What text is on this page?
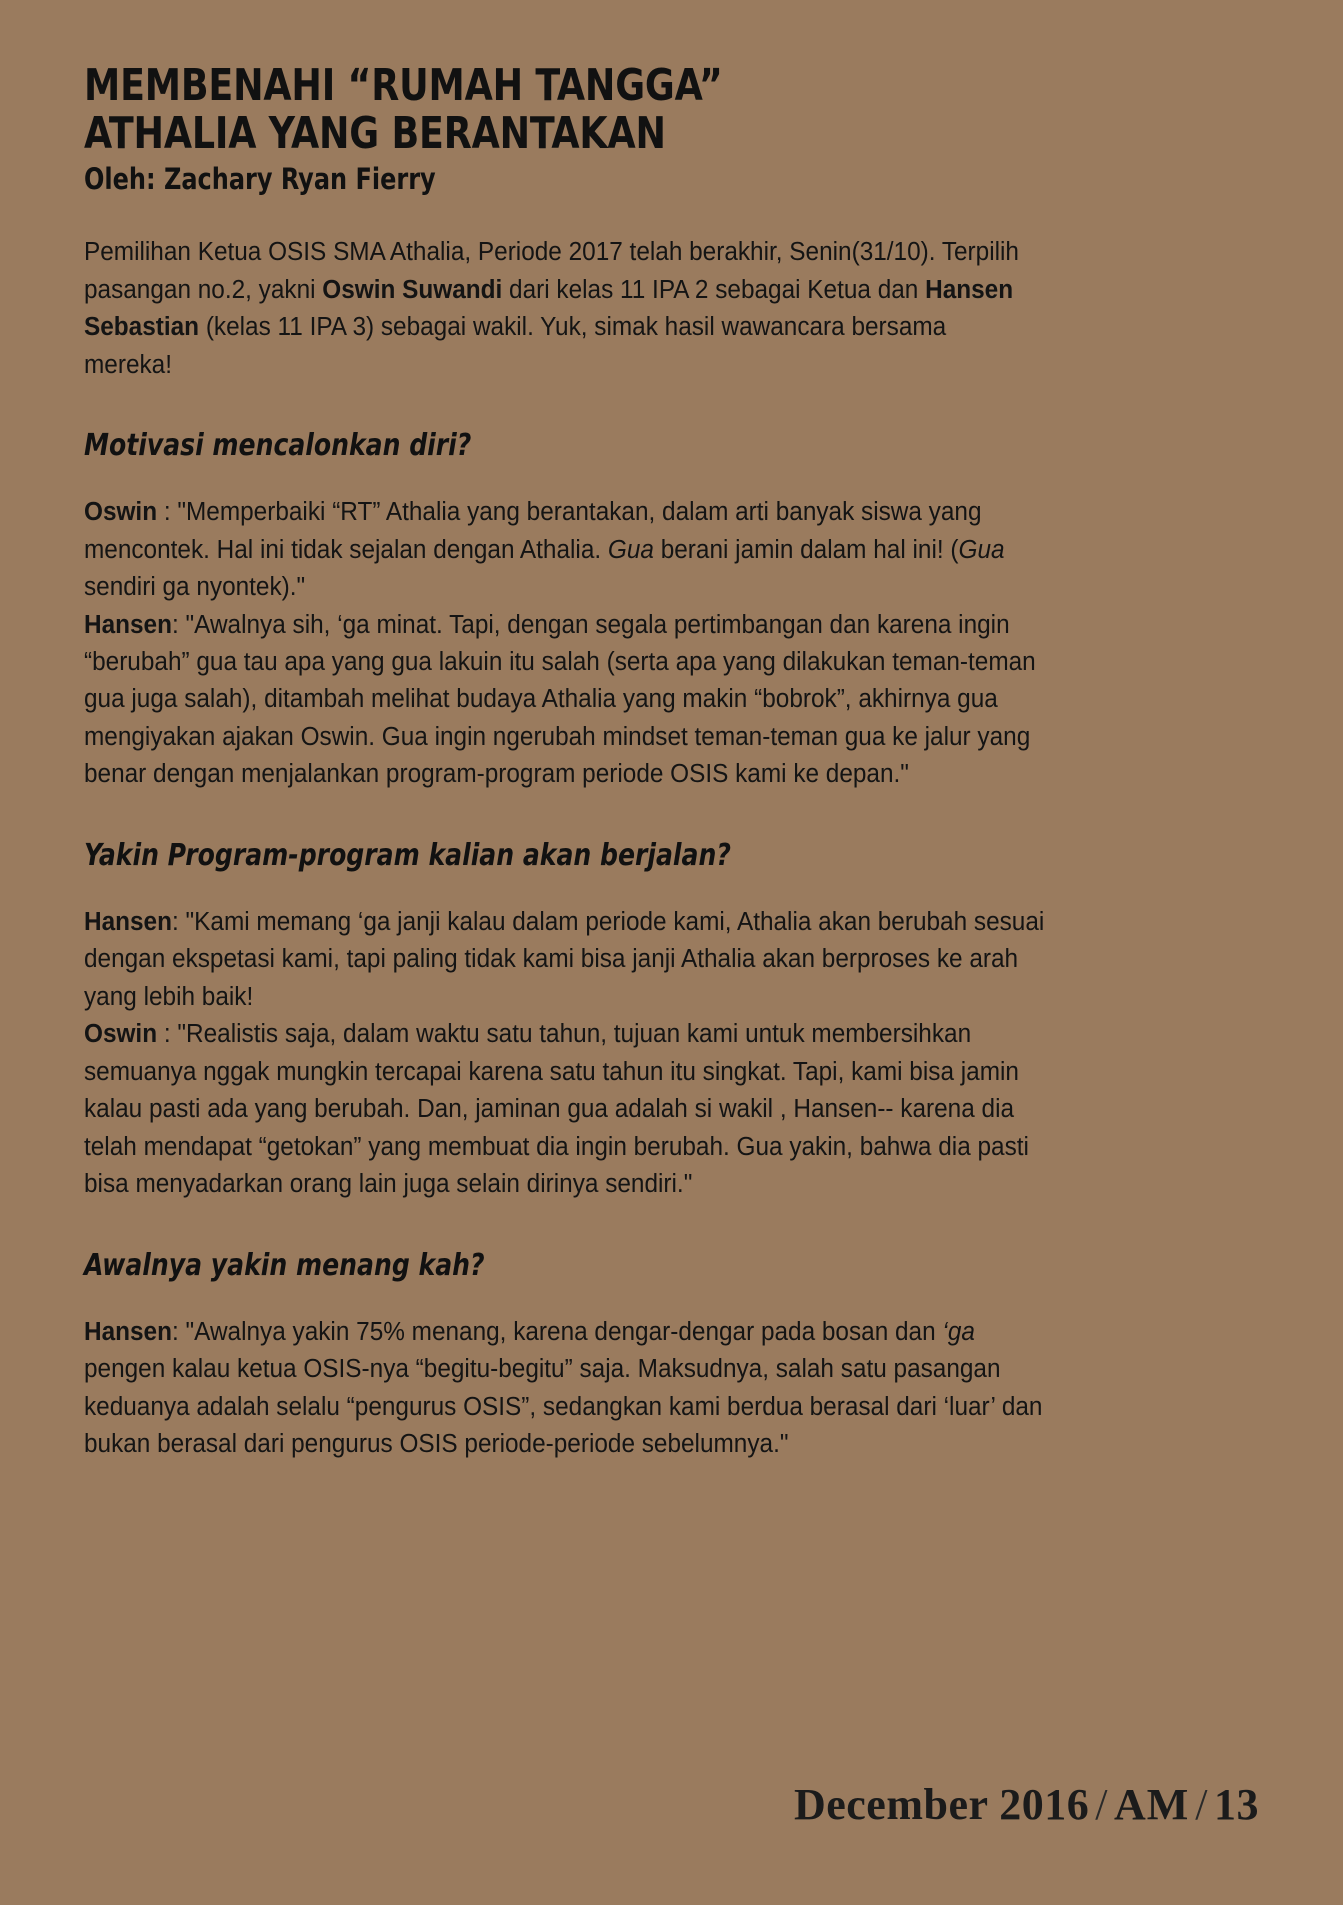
MEMBENAHI “RUMAH TANGGA” ATHALIA YANG BERANTAKAN
Oleh: Zachary Ryan Fierry

Pemilihan Ketua OSIS SMA Athalia, Periode 2017 telah berakhir, Senin(31/10). Terpilih pasangan no.2, yakni Oswin Suwandi dari kelas 11 IPA 2 sebagai Ketua dan Hansen Sebastian (kelas 11 IPA 3) sebagai wakil. Yuk, simak hasil wawancara bersama mereka!

Motivasi mencalonkan diri?

Oswin : "Memperbaiki “RT” Athalia yang berantakan, dalam arti banyak siswa yang mencontek. Hal ini tidak sejalan dengan Athalia. Gua berani jamin dalam hal ini! (Gua sendiri ga nyontek)."

Hansen: "Awalnya sih, ‘ga minat. Tapi, dengan segala pertimbangan dan karena ingin “berubah” gua tau apa yang gua lakuin itu salah (serta apa yang dilakukan teman-teman gua juga salah), ditambah melihat budaya Athalia yang makin “bobrok”, akhirnya gua mengiyakan ajakan Oswin. Gua ingin ngerubah mindset teman-teman gua ke jalur yang benar dengan menjalankan program-program periode OSIS kami ke depan."

Yakin Program-program kalian akan berjalan?

Hansen: "Kami memang ‘ga janji kalau dalam periode kami, Athalia akan berubah sesuai dengan ekspetasi kami, tapi paling tidak kami bisa janji Athalia akan berproses ke arah yang lebih baik!

Oswin : "Realistis saja, dalam waktu satu tahun, tujuan kami untuk membersihkan semuanya nggak mungkin tercapai karena satu tahun itu singkat. Tapi, kami bisa jamin kalau pasti ada yang berubah. Dan, jaminan gua adalah si wakil , Hansen-- karena dia telah mendapat “getokan” yang membuat dia ingin berubah. Gua yakin, bahwa dia pasti bisa menyadarkan orang lain juga selain dirinya sendiri."

Awalnya yakin menang kah?

Hansen: "Awalnya yakin 75% menang, karena dengar-dengar pada bosan dan ‘ga pengen kalau ketua OSIS-nya “begitu-begitu” saja. Maksudnya, salah satu pasangan keduanya adalah selalu “pengurus OSIS”, sedangkan kami berdua berasal dari ‘luar’ dan bukan berasal dari pengurus OSIS periode-periode sebelumnya."

December 2016 / AM / 13
